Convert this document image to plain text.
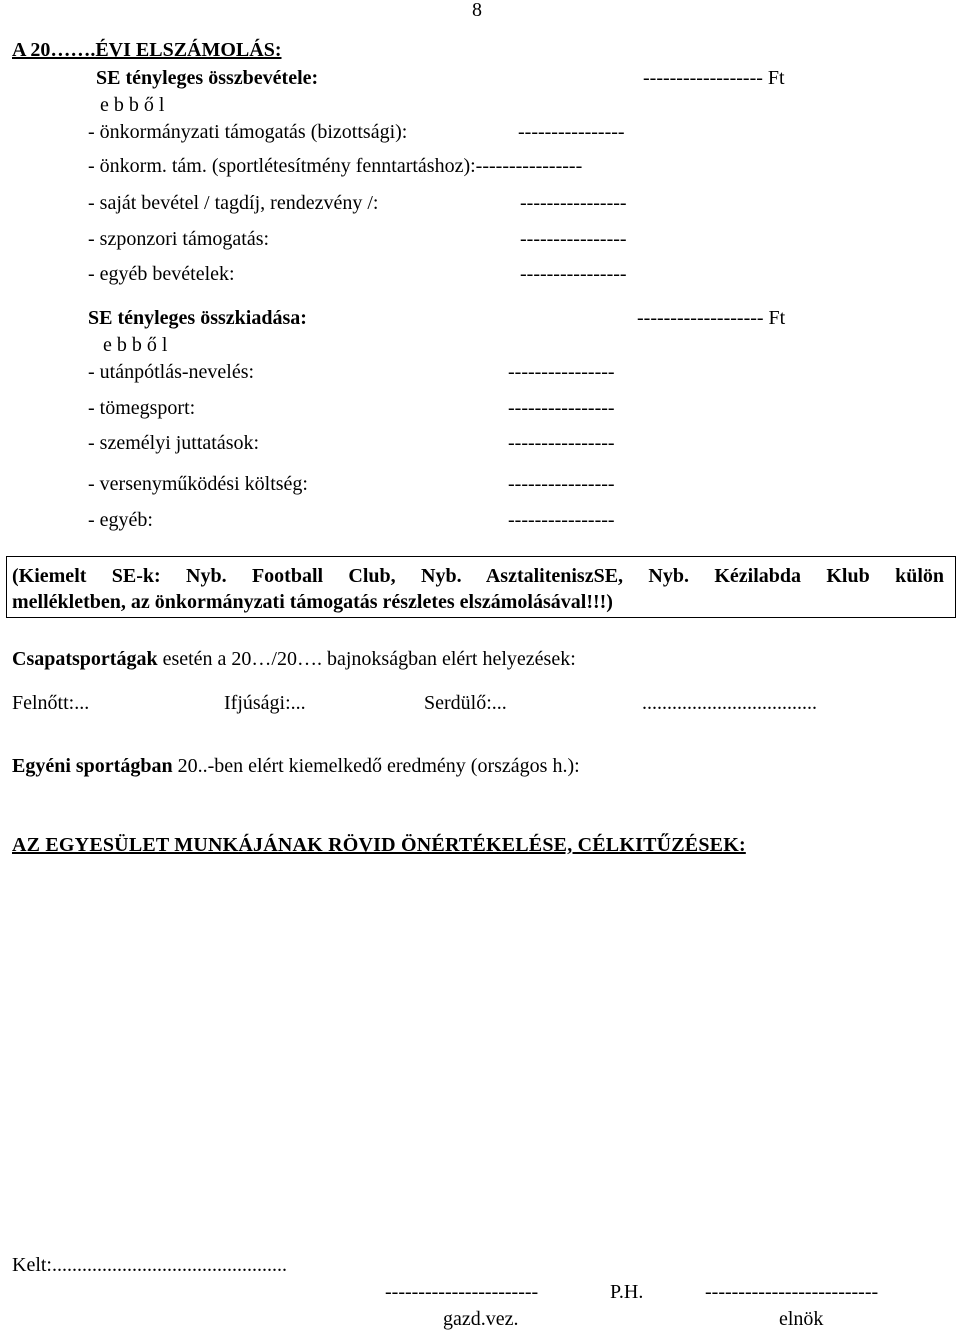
8
A 20…….ÉVI ELSZÁMOLÁS:
SE tényleges összbevétele:	------------------ Ft
e b b ő l
- önkormányzati támogatás (bizottsági):	----------------
- önkorm. tám. (sportlétesítmény fenntartáshoz):----------------
- saját bevétel / tagdíj, rendezvény /:	----------------
- szponzori támogatás:	----------------
- egyéb bevételek:	----------------
SE tényleges összkiadása:	------------------- Ft
e b b ő l
- utánpótlás-nevelés:	----------------
- tömegsport:	----------------
- személyi juttatások:	----------------
- versenyműködési költség:	----------------
- egyéb:	----------------
(Kiemelt SE-k: Nyb. Football Club, Nyb. AsztaliteniszSE, Nyb. Kézilabda Klub külön
mellékletben, az önkormányzati támogatás részletes elszámolásával!!!)
Csapatsportágak esetén a 20…/20…. bajnokságban elért helyezések:
Felnőtt:...	Ifjúsági:...	Serdülő:...	...................................
Egyéni sportágban 20..-ben elért kiemelkedő eredmény (országos h.):
AZ EGYESÜLET MUNKÁJÁNAK RÖVID ÖNÉRTÉKELÉSE, CÉLKITŰZÉSEK:
Kelt:...............................................
-----------------------	P.H.	--------------------------
gazd.vez.	elnök
